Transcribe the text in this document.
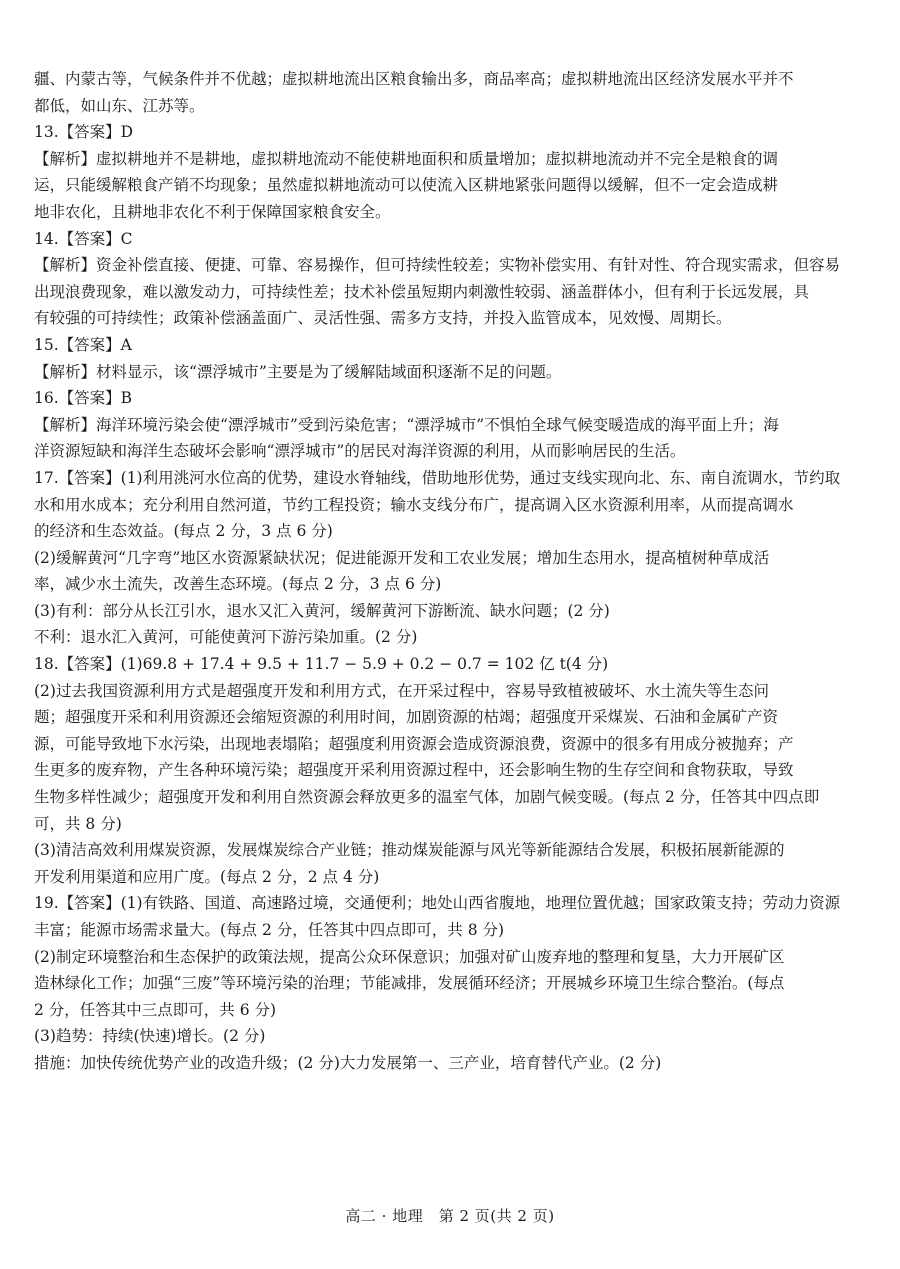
疆、内蒙古等，气候条件并不优越；虚拟耕地流出区粮食输出多，商品率高；虚拟耕地流出区经济发展水平并不
都低，如山东、江苏等。
13.【答案】D
【解析】虚拟耕地并不是耕地，虚拟耕地流动不能使耕地面积和质量增加；虚拟耕地流动并不完全是粮食的调
运，只能缓解粮食产销不均现象；虽然虚拟耕地流动可以使流入区耕地紧张问题得以缓解，但不一定会造成耕
地非农化，且耕地非农化不利于保障国家粮食安全。
14.【答案】C
【解析】资金补偿直接、便捷、可靠、容易操作，但可持续性较差；实物补偿实用、有针对性、符合现实需求，但容易
出现浪费现象，难以激发动力，可持续性差；技术补偿虽短期内刺激性较弱、涵盖群体小，但有利于长远发展，具
有较强的可持续性；政策补偿涵盖面广、灵活性强、需多方支持，并投入监管成本，见效慢、周期长。
15.【答案】A
【解析】材料显示，该“漂浮城市”主要是为了缓解陆域面积逐渐不足的问题。
16.【答案】B
【解析】海洋环境污染会使“漂浮城市”受到污染危害；“漂浮城市”不惧怕全球气候变暖造成的海平面上升；海
洋资源短缺和海洋生态破坏会影响“漂浮城市”的居民对海洋资源的利用，从而影响居民的生活。
17.【答案】(1)利用洮河水位高的优势，建设水脊轴线，借助地形优势，通过支线实现向北、东、南自流调水，节约取
水和用水成本；充分利用自然河道，节约工程投资；输水支线分布广，提高调入区水资源利用率，从而提高调水
的经济和生态效益。(每点 2 分，3 点 6 分)
(2)缓解黄河“几字弯”地区水资源紧缺状况；促进能源开发和工农业发展；增加生态用水，提高植树种草成活
率，减少水土流失，改善生态环境。(每点 2 分，3 点 6 分)
(3)有利：部分从长江引水，退水又汇入黄河，缓解黄河下游断流、缺水问题；(2 分)
不利：退水汇入黄河，可能使黄河下游污染加重。(2 分)
18.【答案】(1)69.8 + 17.4 + 9.5 + 11.7 − 5.9 + 0.2 − 0.7 = 102 亿 t(4 分)
(2)过去我国资源利用方式是超强度开发和利用方式，在开采过程中，容易导致植被破坏、水土流失等生态问
题；超强度开采和利用资源还会缩短资源的利用时间，加剧资源的枯竭；超强度开采煤炭、石油和金属矿产资
源，可能导致地下水污染，出现地表塌陷；超强度利用资源会造成资源浪费，资源中的很多有用成分被抛弃；产
生更多的废弃物，产生各种环境污染；超强度开采利用资源过程中，还会影响生物的生存空间和食物获取，导致
生物多样性减少；超强度开发和利用自然资源会释放更多的温室气体，加剧气候变暖。(每点 2 分，任答其中四点即
可，共 8 分)
(3)清洁高效利用煤炭资源，发展煤炭综合产业链；推动煤炭能源与风光等新能源结合发展，积极拓展新能源的
开发利用渠道和应用广度。(每点 2 分，2 点 4 分)
19.【答案】(1)有铁路、国道、高速路过境，交通便利；地处山西省腹地，地理位置优越；国家政策支持；劳动力资源
丰富；能源市场需求量大。(每点 2 分，任答其中四点即可，共 8 分)
(2)制定环境整治和生态保护的政策法规，提高公众环保意识；加强对矿山废弃地的整理和复垦，大力开展矿区
造林绿化工作；加强“三废”等环境污染的治理；节能减排，发展循环经济；开展城乡环境卫生综合整治。(每点
2 分，任答其中三点即可，共 6 分)
(3)趋势：持续(快速)增长。(2 分)
措施：加快传统优势产业的改造升级；(2 分)大力发展第一、三产业，培育替代产业。(2 分)
高二 · 地理　第 2 页(共 2 页)
